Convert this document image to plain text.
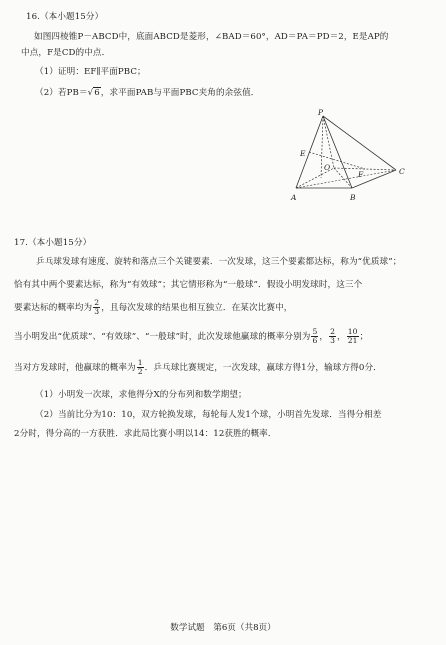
16.（本小题15分）
如图四棱锥P－ABCD中，底面ABCD是菱形，∠BAD＝60°，AD＝PA＝PD＝2，E是AP的
中点，F是CD的中点．
（1）证明：EF∥平面PBC；
（2）若PB＝√6，求平面PAB与平面PBC夹角的余弦值．
P
E
O
F	C
A	B
17.（本小题15分）
乒乓球发球有速度、旋转和落点三个关键要素．一次发球，这三个要素都达标，称为“优质球”；
恰有其中两个要素达标，称为“有效球”；其它情形称为“一般球”．假设小明发球时，这三个
要素达标的概率均为 $\frac{2}{3}$ ，且每次发球的结果也相互独立．在某次比赛中，
当小明发出“优质球”、“有效球”、“一般球”时，此次发球他赢球的概率分别为 $\frac{5}{6}$ ， $\frac{2}{3}$ ， $\frac{10}{21}$ ；
当对方发球时，他赢球的概率为 $\frac{1}{2}$ ．乒乓球比赛规定，一次发球，赢球方得1分，输球方得0分．
（1）小明发一次球，求他得分X的分布列和数学期望；
（2）当前比分为10：10，双方轮换发球，每轮每人发1个球，小明首先发球．当得分相差
2分时，得分高的一方获胜．求此局比赛小明以14：12获胜的概率．
数学试题　第6页（共8页）
